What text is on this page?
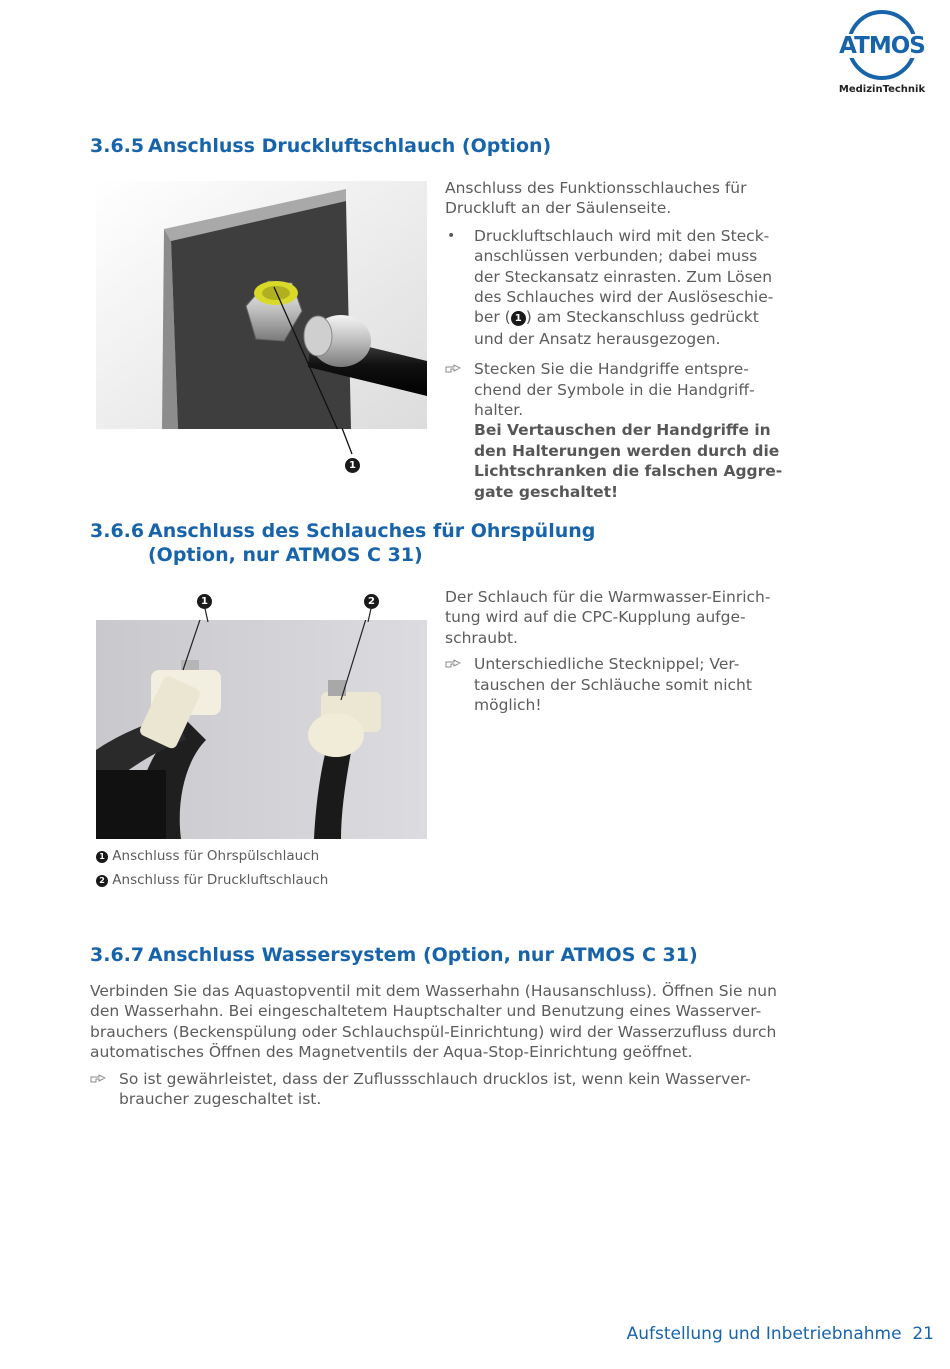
ATMOS
MedizinTechnik
3.6.5 Anschluss Druckluftschlauch (Option)
1
Anschluss des Funktionsschlauches für
Druckluft an der Säulenseite.
• Druckluftschlauch wird mit den Steck-
anschlüssen verbunden; dabei muss
der Steckansatz einrasten. Zum Lösen
des Schlauches wird der Auslöseschie-
ber ( 1 ) am Steckanschluss gedrückt
und der Ansatz herausgezogen.
Stecken Sie die Handgriffe entspre-
chend der Symbole in die Handgriff-
halter.
Bei Vertauschen der Handgriffe in
den Halterungen werden durch die
Lichtschranken die falschen Aggre-
gate geschaltet!
3.6.6 Anschluss des Schlauches für Ohrspülung
(Option, nur ATMOS C 31)
1	2
1 Anschluss für Ohrspülschlauch
2 Anschluss für Druckluftschlauch
Der Schlauch für die Warmwasser-Einrich-
tung wird auf die CPC-Kupplung aufge-
schraubt.
Unterschiedliche Stecknippel; Ver-
tauschen der Schläuche somit nicht
möglich!
3.6.7 Anschluss Wassersystem (Option, nur ATMOS C 31)
Verbinden Sie das Aquastopventil mit dem Wasserhahn (Hausanschluss). Öffnen Sie nun
den Wasserhahn. Bei eingeschaltetem Hauptschalter und Benutzung eines Wasserver-
brauchers (Beckenspülung oder Schlauchspül-Einrichtung) wird der Wasserzufluss durch
automatisches Öffnen des Magnetventils der Aqua-Stop-Einrichtung geöffnet.
So ist gewährleistet, dass der Zuflussschlauch drucklos ist, wenn kein Wasserver-
braucher zugeschaltet ist.
Aufstellung und Inbetriebnahme 21
